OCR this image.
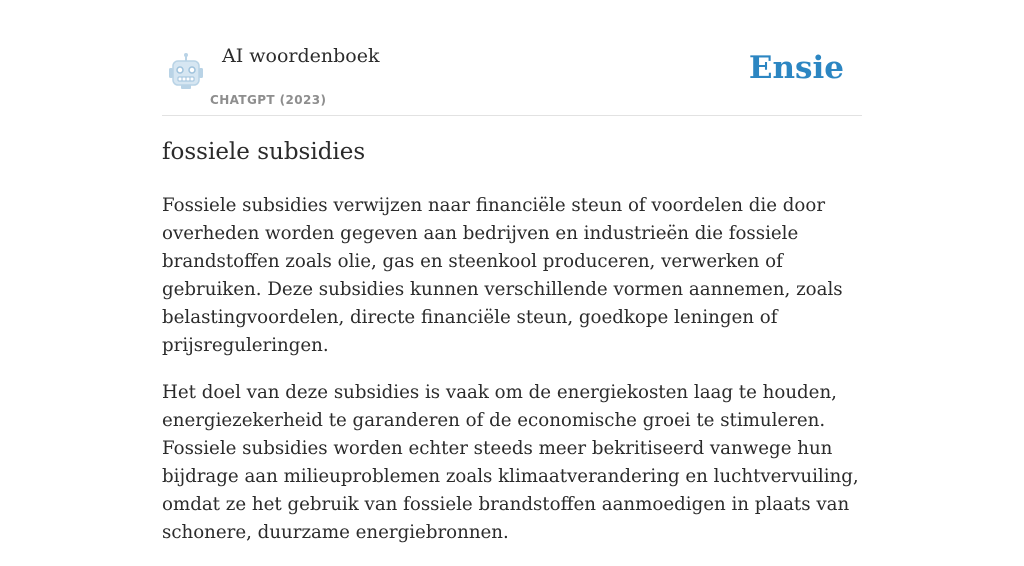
AI woordenboek
CHATGPT (2023)
Ensie
fossiele subsidies

Fossiele subsidies verwijzen naar financiële steun of voordelen die door overheden worden gegeven aan bedrijven en industrieën die fossiele brandstoffen zoals olie, gas en steenkool produceren, verwerken of gebruiken. Deze subsidies kunnen verschillende vormen aannemen, zoals belastingvoordelen, directe financiële steun, goedkope leningen of prijsreguleringen.

Het doel van deze subsidies is vaak om de energiekosten laag te houden, energiezekerheid te garanderen of de economische groei te stimuleren. Fossiele subsidies worden echter steeds meer bekritiseerd vanwege hun bijdrage aan milieuproblemen zoals klimaatverandering en luchtvervuiling, omdat ze het gebruik van fossiele brandstoffen aanmoedigen in plaats van schonere, duurzame energiebronnen.
